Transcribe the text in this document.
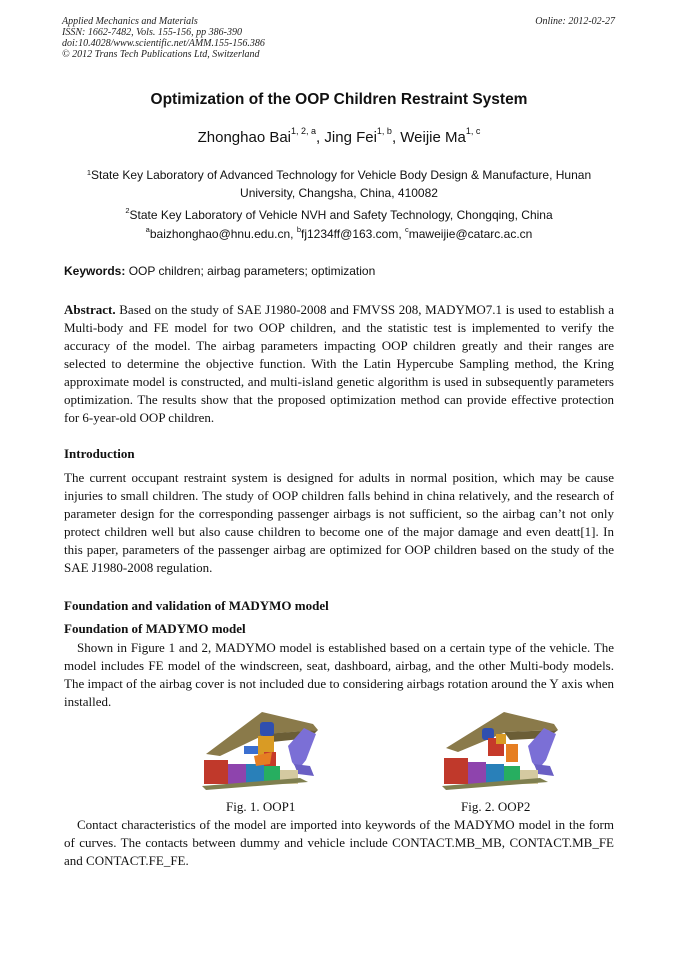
Applied Mechanics and Materials
ISSN: 1662-7482, Vols. 155-156, pp 386-390
doi:10.4028/www.scientific.net/AMM.155-156.386
© 2012 Trans Tech Publications Ltd, Switzerland
Online: 2012-02-27
Optimization of the OOP Children Restraint System
Zhonghao Bai$^{1, 2, a}$, Jing Fei$^{1, b}$, Weijie Ma$^{1, c}$
$^1$State Key Laboratory of Advanced Technology for Vehicle Body Design & Manufacture, Hunan
University, Changsha, China, 410082
$^2$State Key Laboratory of Vehicle NVH and Safety Technology, Chongqing, China
$^a$baizhonghao@hnu.edu.cn, $^b$fj1234ff@163.com, $^c$maweijie@catarc.ac.cn
Keywords: OOP children; airbag parameters; optimization
Abstract. Based on the study of SAE J1980-2008 and FMVSS 208, MADYMO7.1 is used to establish a Multi-body and FE model for two OOP children, and the statistic test is implemented to verify the accuracy of the model. The airbag parameters impacting OOP children greatly and their ranges are selected to determine the objective function. With the Latin Hypercube Sampling method, the Kring approximate model is constructed, and multi-island genetic algorithm is used in subsequently parameters optimization. The results show that the proposed optimization method can provide effective protection for 6-year-old OOP children.
Introduction
The current occupant restraint system is designed for adults in normal position, which may be cause injuries to small children. The study of OOP children falls behind in china relatively, and the research of parameter design for the corresponding passenger airbags is not sufficient, so the airbag can’t not only protect children well but also cause children to become one of the major damage and even deatt[1]. In this paper, parameters of the passenger airbag are optimized for OOP children based on the study of the SAE J1980-2008 regulation.
Foundation and validation of MADYMO model
Foundation of MADYMO model
Shown in Figure 1 and 2, MADYMO model is established based on a certain type of the vehicle. The model includes FE model of the windscreen, seat, dashboard, airbag, and the other Multi-body models. The impact of the airbag cover is not included due to considering airbags rotation around the Y axis when installed.
Fig. 1. OOP1	Fig. 2. OOP2
Contact characteristics of the model are imported into keywords of the MADYMO model in the form of curves. The contacts between dummy and vehicle include CONTACT.MB_MB, CONTACT.MB_FE and CONTACT.FE_FE.
